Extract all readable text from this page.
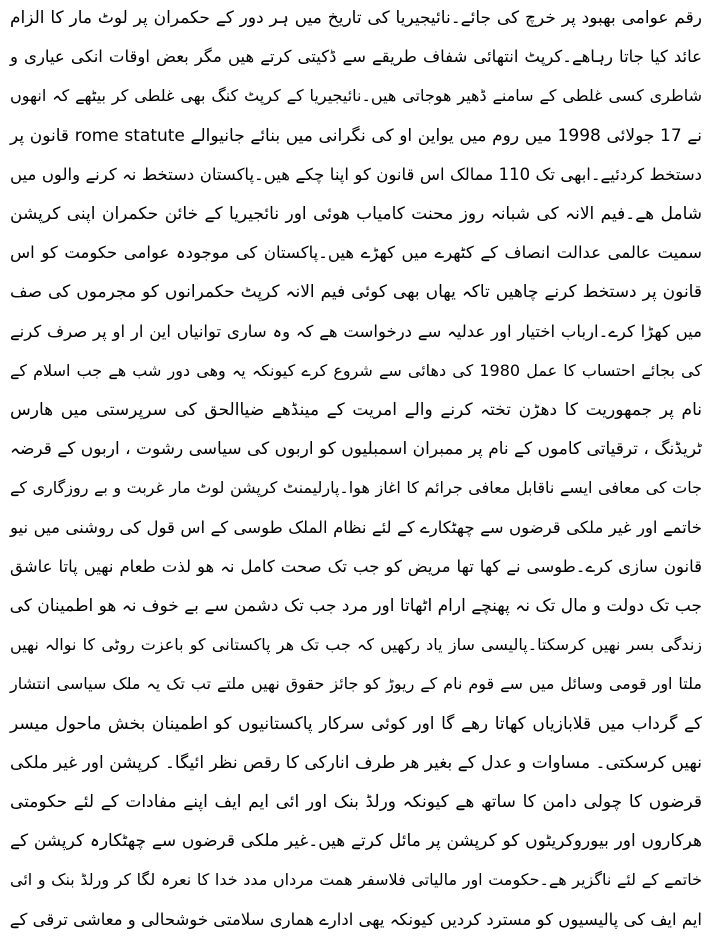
رقم عوامی بھبود پر خرچ کی جائے۔نائیجیریا کی تاریخ میں ہر دور کے حکمران پر لوٹ مار کا الزام
عائد کیا جاتا رہاھے۔کرپٹ انتھائی شفاف طریقے سے ڈکیتی کرتے ھیں مگر بعض اوقات انکی عیاری و
شاطری کسی غلطی کے سامنے ڈھیر ھوجاتی ھیں۔نائیجیریا کے کرپٹ کنگ بھی غلطی کر بیٹھے کہ انھوں
نے 17 جولائی 1998 میں روم میں یواین او کی نگرانی میں بنائے جانیوالے rome statute قانون پر
دستخط کردئیے۔ابھی تک 110 ممالک اس قانون کو اپنا چکے ھیں۔پاکستان دستخط نہ کرنے والوں میں
شامل ھے۔فیم الانہ کی شبانہ روز محنت کامیاب ھوئی اور نائجیریا کے خائن حکمران اپنی کرپشن
سمیت عالمی عدالت انصاف کے کٹھرے میں کھڑے ھیں۔پاکستان کی موجودہ عوامی حکومت کو اس
قانون پر دستخط کرنے چاھیں تاکہ یھاں بھی کوئی فیم الانہ کرپٹ حکمرانوں کو مجرموں کی صف
میں کھڑا کرے۔ارباب اختیار اور عدلیہ سے درخواست ھے کہ وہ ساری توانیاں این ار او پر صرف کرنے
کی بجائے احتساب کا عمل 1980 کی دھائی سے شروع کرے کیونکہ یہ وھی دور شب ھے جب اسلام کے
نام پر جمھوریت کا دھڑن تختہ کرنے والے امریت کے مینڈھے ضیاالحق کی سرپرستی میں ھارس
ٹریڈنگ ، ترقیاتی کاموں کے نام پر ممبران اسمبلیوں کو اربوں کی سیاسی رشوت ، اربوں کے قرضہ
جات کی معافی ایسے ناقابل معافی جرائم کا اغاز ھوا۔پارلیمنٹ کرپشن لوٹ مار غربت و بے روزگاری کے
خاتمے اور غیر ملکی قرضوں سے چھٹکارے کے لئے نظام الملک طوسی کے اس قول کی روشنی میں نیو
قانون سازی کرے۔طوسی نے کھا تھا مریض کو جب تک صحت کامل نہ ھو لذت طعام نھیں پاتا عاشق
جب تک دولت و مال تک نہ پھنچے ارام اٹھاتا اور مرد جب تک دشمن سے بے خوف نہ ھو اطمینان کی
زندگی بسر نھیں کرسکتا۔پالیسی ساز یاد رکھیں کہ جب تک ھر پاکستانی کو باعزت روٹی کا نوالہ نھیں
ملتا اور قومی وسائل میں سے قوم نام کے ریوڑ کو جائز حقوق نھیں ملتے تب تک یہ ملک سیاسی انتشار
کے گرداب میں قلابازیاں کھاتا رھے گا اور کوئی سرکار پاکستانیوں کو اطمینان بخش ماحول میسر
نھیں کرسکتی۔ مساوات و عدل کے بغیر ھر طرف انارکی کا رقص نظر ائیگا۔ کرپشن اور غیر ملکی
قرضوں کا چولی دامن کا ساتھ ھے کیونکہ ورلڈ بنک اور ائی ایم ایف اپنے مفادات کے لئے حکومتی
ھرکاروں اور بیوروکریٹوں کو کرپشن پر مائل کرتے ھیں۔غیر ملکی قرضوں سے چھٹکارہ کرپشن کے
خاتمے کے لئے ناگزیر ھے۔حکومت اور مالیاتی فلاسفر ھمت مرداں مدد خدا کا نعرہ لگا کر ورلڈ بنک و ائی
ایم ایف کی پالیسیوں کو مسترد کردیں کیونکہ یھی ادارے ھماری سلامتی خوشحالی و معاشی ترقی کے
